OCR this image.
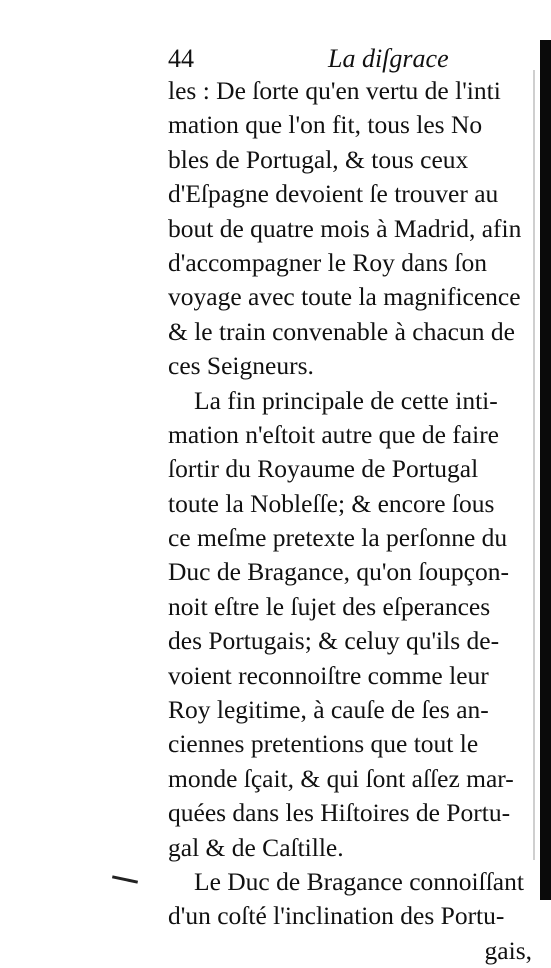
44	La diſgrace
les : De ſorte qu'en vertu de l'inti
mation que l'on fit, tous les No
bles de Portugal, & tous ceux
d'Eſpagne devoient ſe trouver au
bout de quatre mois à Madrid, afin
d'accompagner le Roy dans ſon
voyage avec toute la magnificence
& le train convenable à chacun de
ces Seigneurs.
La fin principale de cette inti-
mation n'eſtoit autre que de faire
ſortir du Royaume de Portugal
toute la Nobleſſe; & encore ſous
ce meſme pretexte la perſonne du
Duc de Bragance, qu'on ſoupçon-
noit eſtre le ſujet des eſperances
des Portugais; & celuy qu'ils de-
voient reconnoiſtre comme leur
Roy legitime, à cauſe de ſes an-
ciennes pretentions que tout le
monde ſçait, & qui ſont aſſez mar-
quées dans les Hiſtoires de Portu-
gal & de Caſtille.
Le Duc de Bragance connoiſſant
d'un coſté l'inclination des Portu-
gais,
